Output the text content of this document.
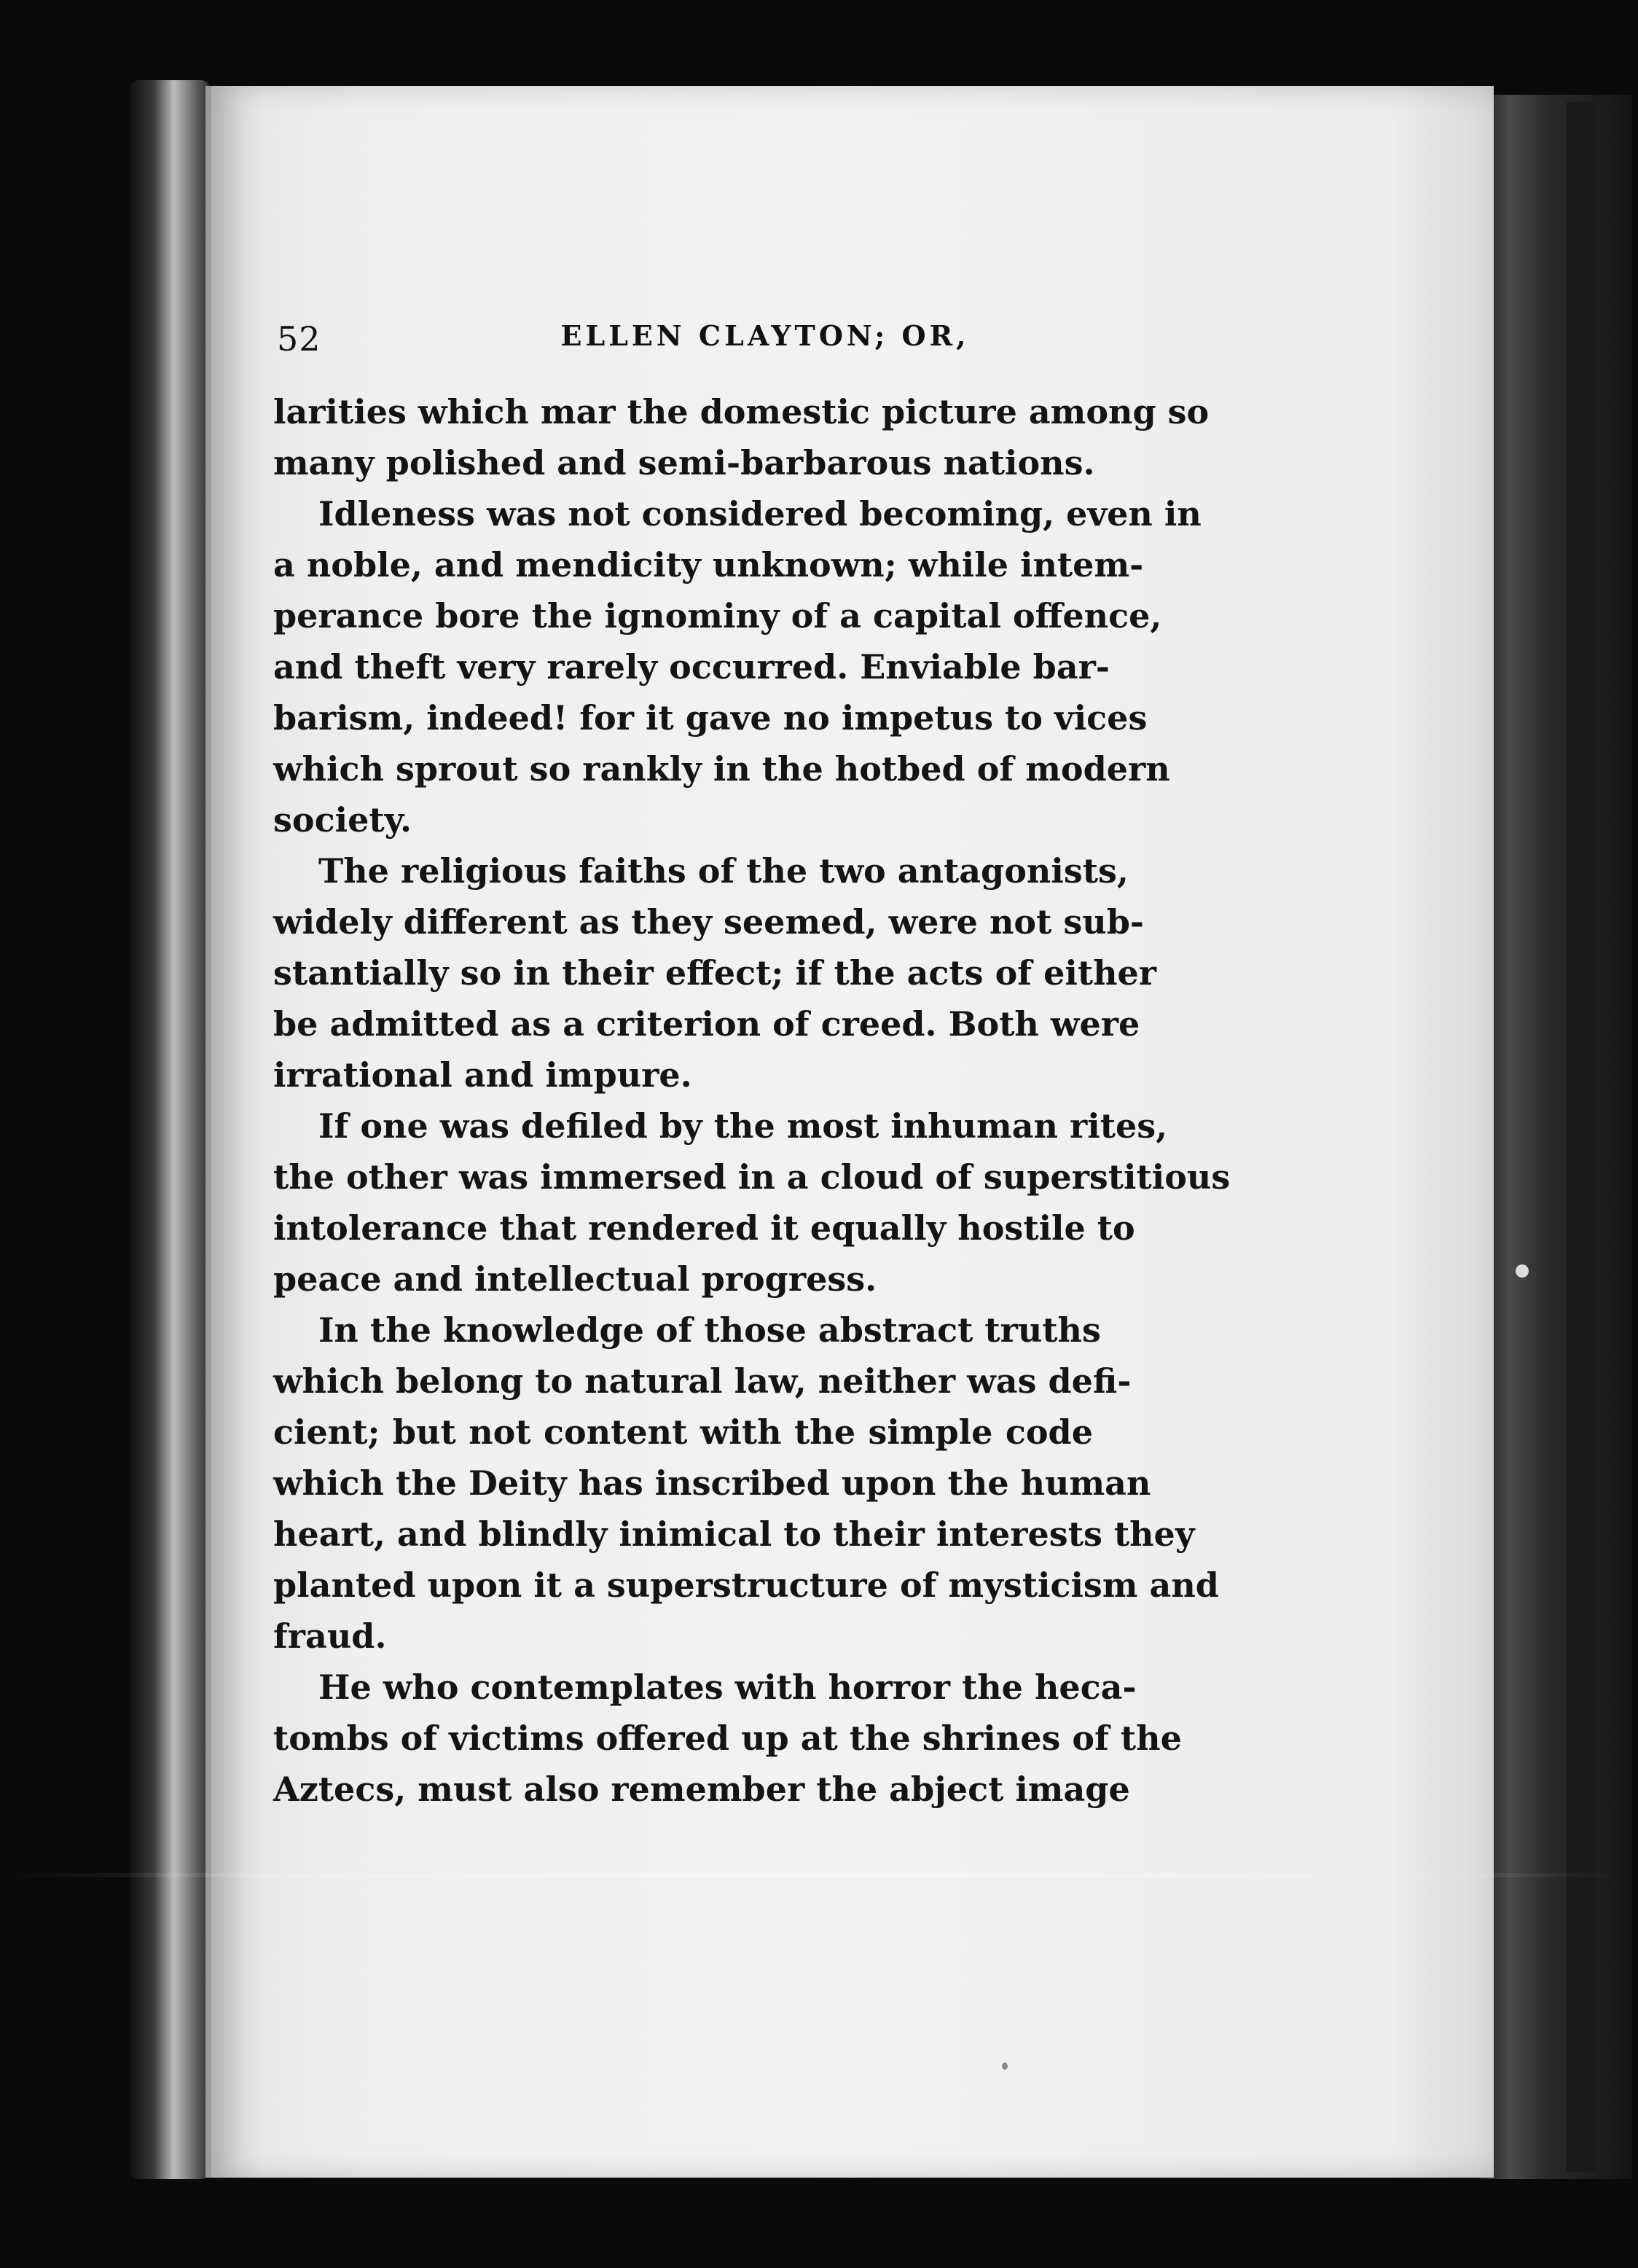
52	ELLEN CLAYTON; OR,
larities which mar the domestic picture among so
many polished and semi-barbarous nations.
Idleness was not considered becoming, even in
a noble, and mendicity unknown; while intem-
perance bore the ignominy of a capital offence,
and theft very rarely occurred. Enviable bar-
barism, indeed! for it gave no impetus to vices
which sprout so rankly in the hotbed of modern
society.
The religious faiths of the two antagonists,
widely different as they seemed, were not sub-
stantially so in their effect; if the acts of either
be admitted as a criterion of creed. Both were
irrational and impure.
If one was defiled by the most inhuman rites,
the other was immersed in a cloud of superstitious
intolerance that rendered it equally hostile to
peace and intellectual progress.
In the knowledge of those abstract truths
which belong to natural law, neither was defi-
cient; but not content with the simple code
which the Deity has inscribed upon the human
heart, and blindly inimical to their interests they
planted upon it a superstructure of mysticism and
fraud.
He who contemplates with horror the heca-
tombs of victims offered up at the shrines of the
Aztecs, must also remember the abject image
